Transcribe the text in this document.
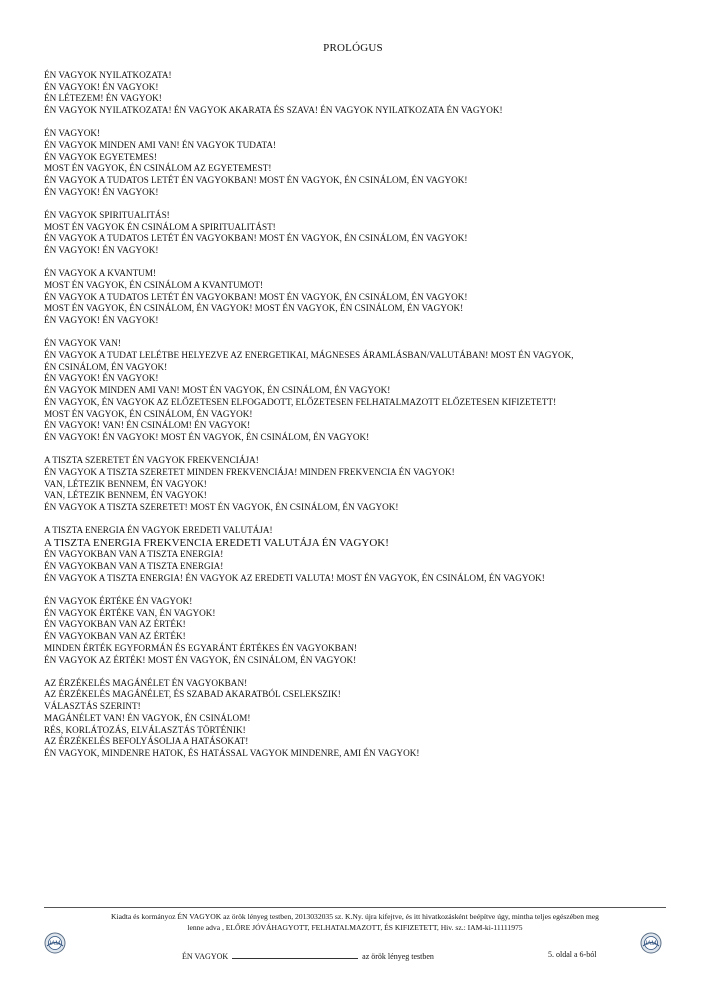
PROLÓGUS
ÉN VAGYOK NYILATKOZATA!
ÉN VAGYOK! ÉN VAGYOK!
ÉN LÉTEZEM! ÉN VAGYOK!
ÉN VAGYOK NYILATKOZATA! ÉN VAGYOK AKARATA ÉS SZAVA! ÉN VAGYOK NYILATKOZATA ÉN VAGYOK!
ÉN VAGYOK!
ÉN VAGYOK MINDEN AMI VAN! ÉN VAGYOK TUDATA!
ÉN VAGYOK EGYETEMES!
MOST ÉN VAGYOK, ÉN CSINÁLOM AZ EGYETEMEST!
ÉN VAGYOK A TUDATOS LETÉT ÉN VAGYOKBAN! MOST ÉN VAGYOK, ÉN CSINÁLOM, ÉN VAGYOK!
ÉN VAGYOK! ÉN VAGYOK!
ÉN VAGYOK SPIRITUALITÁS!
MOST ÉN VAGYOK ÉN CSINÁLOM A SPIRITUALITÁST!
ÉN VAGYOK A TUDATOS LETÉT ÉN VAGYOKBAN! MOST ÉN VAGYOK, ÉN CSINÁLOM, ÉN VAGYOK!
ÉN VAGYOK! ÉN VAGYOK!
ÉN VAGYOK A KVANTUM!
MOST ÉN VAGYOK, ÉN CSINÁLOM A KVANTUMOT!
ÉN VAGYOK A TUDATOS LETÉT ÉN VAGYOKBAN! MOST ÉN VAGYOK, ÉN CSINÁLOM, ÉN VAGYOK!
MOST ÉN VAGYOK, ÉN CSINÁLOM, ÉN VAGYOK! MOST ÉN VAGYOK, ÉN CSINÁLOM, ÉN VAGYOK!
ÉN VAGYOK! ÉN VAGYOK!
ÉN VAGYOK VAN!
ÉN VAGYOK A TUDAT LELÉTBE HELYEZVE AZ ENERGETIKAI, MÁGNESES ÁRAMLÁSBAN/VALUTÁBAN! MOST ÉN VAGYOK,
ÉN CSINÁLOM, ÉN VAGYOK!
ÉN VAGYOK! ÉN VAGYOK!
ÉN VAGYOK MINDEN AMI VAN! MOST ÉN VAGYOK, ÉN CSINÁLOM, ÉN VAGYOK!
ÉN VAGYOK, ÉN VAGYOK AZ ELŐZETESEN ELFOGADOTT, ELŐZETESEN FELHATALMAZOTT ELŐZETESEN KIFIZETETT!
MOST ÉN VAGYOK, ÉN CSINÁLOM, ÉN VAGYOK!
ÉN VAGYOK! VAN! ÉN CSINÁLOM! ÉN VAGYOK!
ÉN VAGYOK! ÉN VAGYOK! MOST ÉN VAGYOK, ÉN CSINÁLOM, ÉN VAGYOK!
A TISZTA SZERETET ÉN VAGYOK FREKVENCIÁJA!
ÉN VAGYOK A TISZTA SZERETET MINDEN FREKVENCIÁJA! MINDEN FREKVENCIA ÉN VAGYOK!
VAN, LÉTEZIK BENNEM, ÉN VAGYOK!
VAN, LÉTEZIK BENNEM, ÉN VAGYOK!
ÉN VAGYOK A TISZTA SZERETET! MOST ÉN VAGYOK, ÉN CSINÁLOM, ÉN VAGYOK!
A TISZTA ENERGIA ÉN VAGYOK EREDETI VALUTÁJA!
A TISZTA ENERGIA FREKVENCIA EREDETI VALUTÁJA ÉN VAGYOK!
ÉN VAGYOKBAN VAN A TISZTA ENERGIA!
ÉN VAGYOKBAN VAN A TISZTA ENERGIA!
ÉN VAGYOK A TISZTA ENERGIA! ÉN VAGYOK AZ EREDETI VALUTA! MOST ÉN VAGYOK, ÉN CSINÁLOM, ÉN VAGYOK!
ÉN VAGYOK ÉRTÉKE ÉN VAGYOK!
ÉN VAGYOK ÉRTÉKE VAN, ÉN VAGYOK!
ÉN VAGYOKBAN VAN AZ ÉRTÉK!
ÉN VAGYOKBAN VAN AZ ÉRTÉK!
MINDEN ÉRTÉK EGYFORMÁN ÉS EGYARÁNT ÉRTÉKES ÉN VAGYOKBAN!
ÉN VAGYOK AZ ÉRTÉK! MOST ÉN VAGYOK, ÉN CSINÁLOM, ÉN VAGYOK!
AZ ÉRZÉKELÉS MAGÁNÉLET ÉN VAGYOKBAN!
AZ ÉRZÉKELÉS MAGÁNÉLET, ÉS SZABAD AKARATBÓL CSELEKSZIK!
VÁLASZTÁS SZERINT!
MAGÁNÉLET VAN! ÉN VAGYOK, ÉN CSINÁLOM!
RÉS, KORLÁTOZÁS, ELVÁLASZTÁS TÖRTÉNIK!
AZ ÉRZÉKELÉS BEFOLYÁSOLJA A HATÁSOKAT!
ÉN VAGYOK, MINDENRE HATOK, ÉS HATÁSSAL VAGYOK MINDENRE, AMI ÉN VAGYOK!
Kiadta és kormányoz ÉN VAGYOK az örök lényeg testben, 2013032035 sz. K.Ny. újra kifejtve, és itt hivatkozásként beépítve úgy, mintha teljes egészében meg
lenne adva , ELŐRE JÓVÁHAGYOTT, FELHATALMAZOTT, ÉS KIFIZETETT, Hiv. sz.: IAM-ki-11111975
IAM	IAM
ÉN VAGYOK	az örök lényeg testben	5. oldal a 6-ból
